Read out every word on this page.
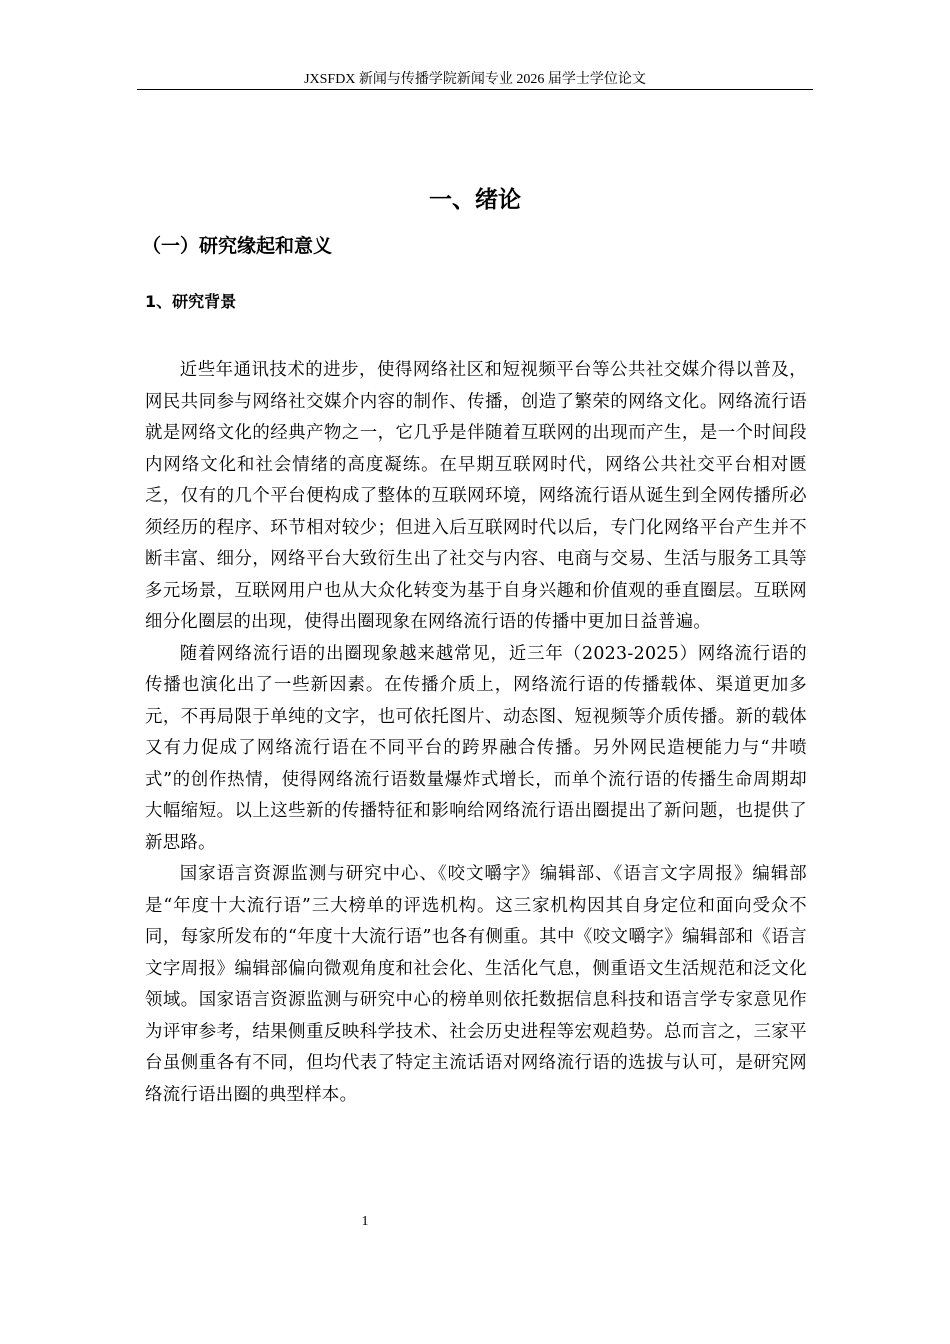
JXSFDX 新闻与传播学院新闻专业 2026 届学士学位论文
一、绪论
（一）研究缘起和意义
1、研究背景

近些年通讯技术的进步，使得网络社区和短视频平台等公共社交媒介得以普及，网民共同参与网络社交媒介内容的制作、传播，创造了繁荣的网络文化。网络流行语就是网络文化的经典产物之一，它几乎是伴随着互联网的出现而产生，是一个时间段内网络文化和社会情绪的高度凝练。在早期互联网时代，网络公共社交平台相对匮乏，仅有的几个平台便构成了整体的互联网环境，网络流行语从诞生到全网传播所必须经历的程序、环节相对较少；但进入后互联网时代以后，专门化网络平台产生并不断丰富、细分，网络平台大致衍生出了社交与内容、电商与交易、生活与服务工具等多元场景，互联网用户也从大众化转变为基于自身兴趣和价值观的垂直圈层。互联网细分化圈层的出现，使得出圈现象在网络流行语的传播中更加日益普遍。

随着网络流行语的出圈现象越来越常见，近三年（2023-2025）网络流行语的传播也演化出了一些新因素。在传播介质上，网络流行语的传播载体、渠道更加多元，不再局限于单纯的文字，也可依托图片、动态图、短视频等介质传播。新的载体又有力促成了网络流行语在不同平台的跨界融合传播。另外网民造梗能力与“井喷式”的创作热情，使得网络流行语数量爆炸式增长，而单个流行语的传播生命周期却大幅缩短。以上这些新的传播特征和影响给网络流行语出圈提出了新问题，也提供了新思路。

国家语言资源监测与研究中心、《咬文嚼字》编辑部、《语言文字周报》编辑部是“年度十大流行语”三大榜单的评选机构。这三家机构因其自身定位和面向受众不同，每家所发布的“年度十大流行语”也各有侧重。其中《咬文嚼字》编辑部和《语言文字周报》编辑部偏向微观角度和社会化、生活化气息，侧重语文生活规范和泛文化领域。国家语言资源监测与研究中心的榜单则依托数据信息科技和语言学专家意见作为评审参考，结果侧重反映科学技术、社会历史进程等宏观趋势。总而言之，三家平台虽侧重各有不同，但均代表了特定主流话语对网络流行语的选拔与认可，是研究网络流行语出圈的典型样本。

1
